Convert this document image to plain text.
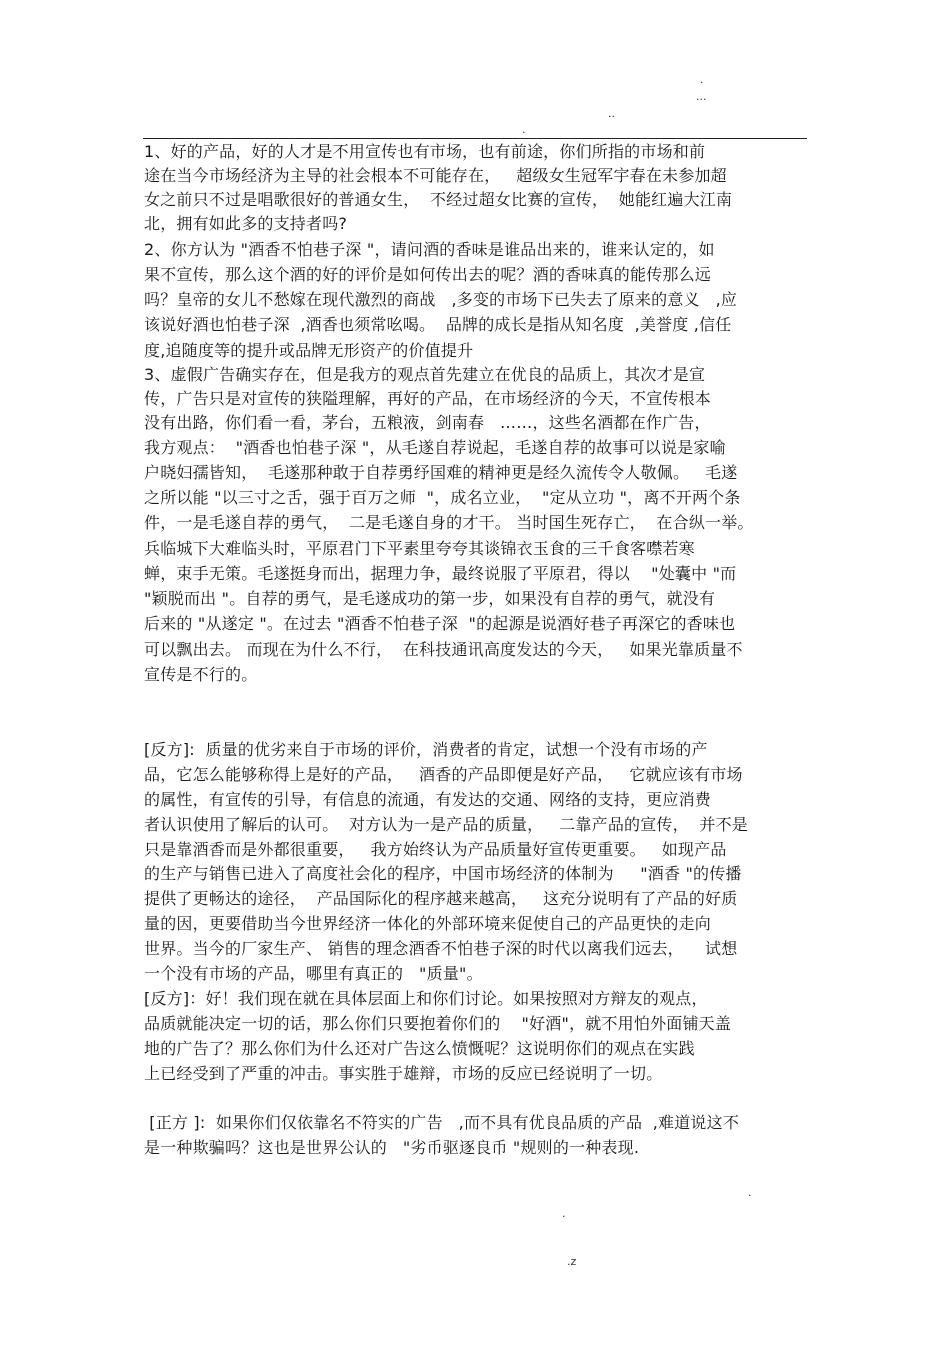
.
...
..
.
1、好的产品，好的人才是不用宣传也有市场，也有前途，你们所指的市场和前
途在当今市场经济为主导的社会根本不可能存在，   超级女生冠军宇春在未参加超
女之前只不过是唱歌很好的普通女生，  不经过超女比赛的宣传，  她能红遍大江南
北，拥有如此多的支持者吗?
2、你方认为 "酒香不怕巷子深 "，请问酒的香味是谁品出来的，谁来认定的，如
果不宣传，那么这个酒的好的评价是如何传出去的呢？酒的香味真的能传那么远
吗？皇帝的女儿不愁嫁在现代激烈的商战   ,多变的市场下已失去了原来的意义   ,应
该说好酒也怕巷子深  ,酒香也须常吆喝。  品牌的成长是指从知名度  ,美誉度 ,信任
度,追随度等的提升或品牌无形资产的价值提升
3、虚假广告确实存在，但是我方的观点首先建立在优良的品质上，其次才是宣
传，广告只是对宣传的狭隘理解，再好的产品，在市场经济的今天，不宣传根本
没有出路，你们看一看，茅台，五粮液，剑南春   ……，这些名酒都在作广告，
我方观点：  "酒香也怕巷子深 "，从毛遂自荐说起，毛遂自荐的故事可以说是家喻
户晓妇孺皆知，  毛遂那种敢于自荐勇纾国难的精神更是经久流传令人敬佩。   毛遂
之所以能 "以三寸之舌，强于百万之师  "，成名立业，  "定从立功 "，离不开两个条
件，一是毛遂自荐的勇气，  二是毛遂自身的才干。 当时国生死存亡，  在合纵一举。
兵临城下大难临头时，平原君门下平素里夸夸其谈锦衣玉食的三千食客噤若寒
蝉，束手无策。毛遂挺身而出，据理力争，最终说服了平原君，得以    "处囊中 "而
"颖脱而出 "。自荐的勇气，是毛遂成功的第一步，如果没有自荐的勇气，就没有
后来的 "从遂定 "。在过去 "酒香不怕巷子深  "的起源是说酒好巷子再深它的香味也
可以飘出去。 而现在为什么不行，  在科技通讯高度发达的今天，   如果光靠质量不
宣传是不行的。
[反方]:  质量的优劣来自于市场的评价，消费者的肯定，试想一个没有市场的产
品，它怎么能够称得上是好的产品，   酒香的产品即便是好产品，   它就应该有市场
的属性，有宣传的引导，有信息的流通，有发达的交通、网络的支持，更应消费
者认识使用了解后的认可。  对方认为一是产品的质量，   二靠产品的宣传，  并不是
只是靠酒香而是外都很重要，   我方始终认为产品质量好宣传更重要。   如现产品
的生产与销售已进入了高度社会化的程序，中国市场经济的体制为     "酒香 "的传播
提供了更畅达的途径，  产品国际化的程序越来越高，   这充分说明有了产品的好质
量的因，更要借助当今世界经济一体化的外部环境来促使自己的产品更快的走向
世界。当今的厂家生产、 销售的理念酒香不怕巷子深的时代以离我们远去，    试想
一个没有市场的产品，哪里有真正的   "质量"。
[反方]：好！我们现在就在具体层面上和你们讨论。如果按照对方辩友的观点，
品质就能决定一切的话，那么你们只要抱着你们的    "好酒"，就不用怕外面铺天盖
地的广告了？那么你们为什么还对广告这么愤慨呢？这说明你们的观点在实践
上已经受到了严重的冲击。事实胜于雄辩，市场的反应已经说明了一切。
[正方 ]:  如果你们仅依靠名不符实的广告   ,而不具有优良品质的产品  ,难道说这不
是一种欺骗吗？这也是世界公认的   "劣币驱逐良币 "规则的一种表现.
.
.
.z
